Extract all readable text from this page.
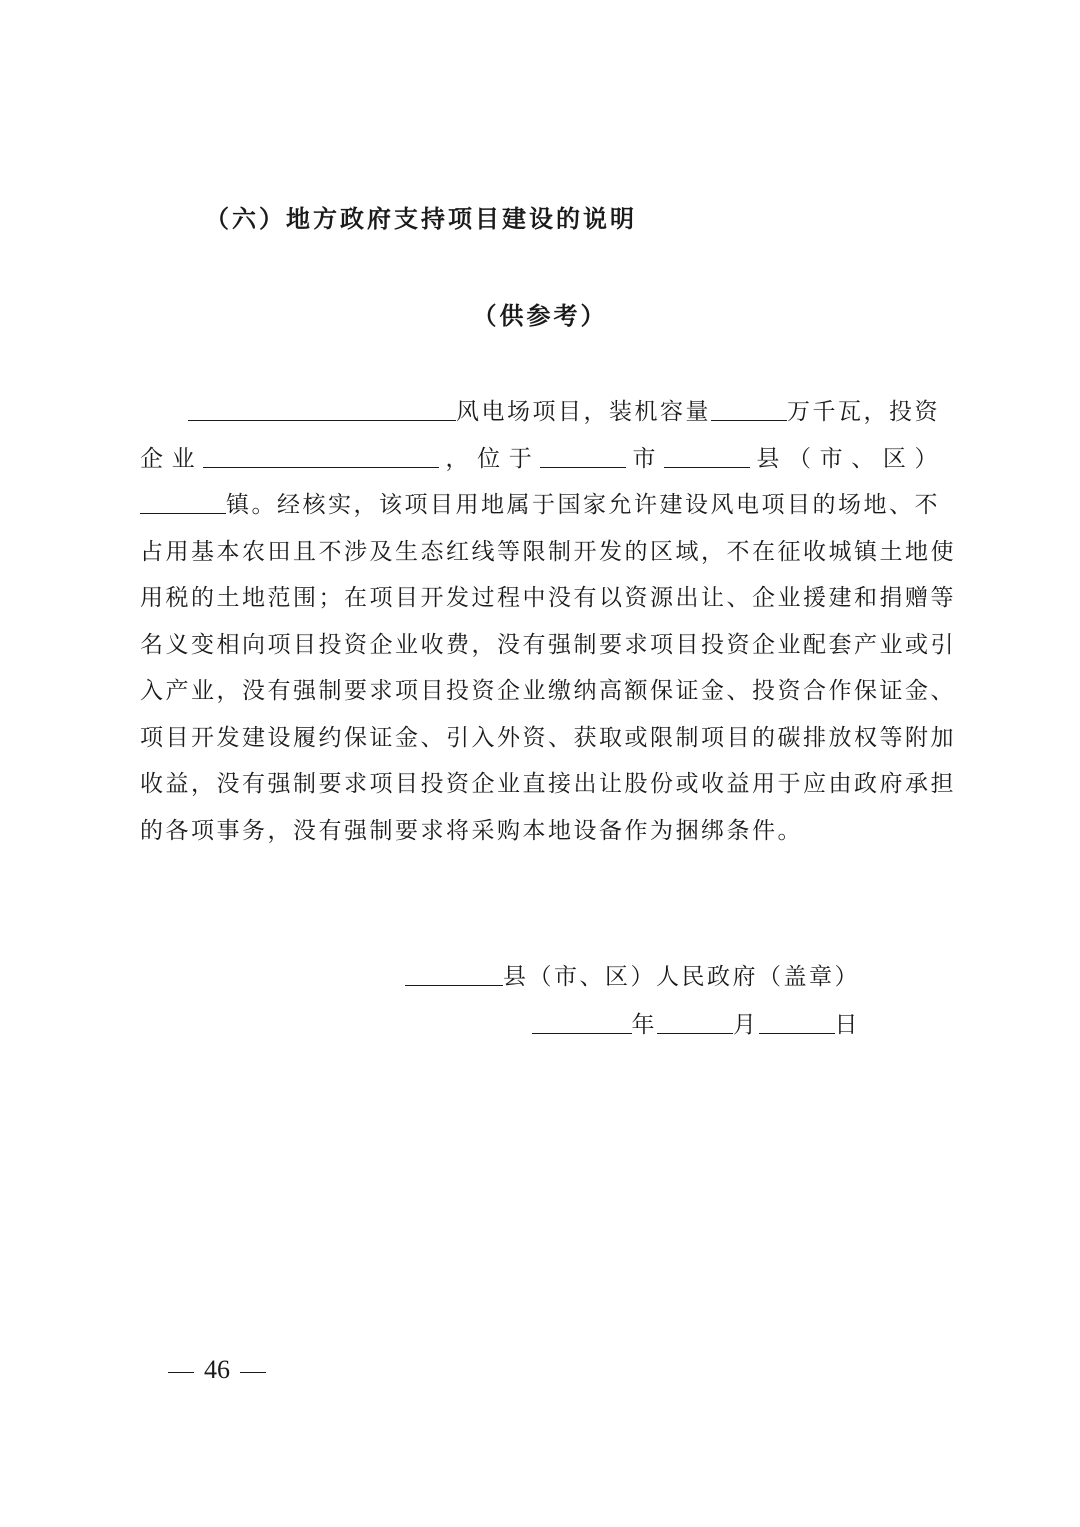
（六）地方政府支持项目建设的说明
（供参考）
风电场项目，装机容量	万千瓦，投资
企业	，位于	市	县（市、区）
镇。经核实，该项目用地属于国家允许建设风电项目的场地、不
占用基本农田且不涉及生态红线等限制开发的区域，不在征收城镇土地使
用税的土地范围；在项目开发过程中没有以资源出让、企业援建和捐赠等
名义变相向项目投资企业收费，没有强制要求项目投资企业配套产业或引
入产业，没有强制要求项目投资企业缴纳高额保证金、投资合作保证金、
项目开发建设履约保证金、引入外资、获取或限制项目的碳排放权等附加
收益，没有强制要求项目投资企业直接出让股份或收益用于应由政府承担
的各项事务，没有强制要求将采购本地设备作为捆绑条件。
县（市、区）人民政府（盖章）
年	月	日
46
